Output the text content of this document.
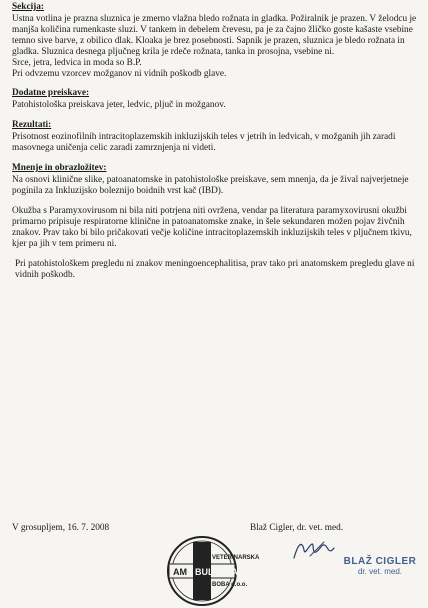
Sekcija:

Ustna votlina je prazna sluznica je zmerno vlažna bledo rožnata in gladka. Požiralnik je prazen. V želodcu je manjša količina rumenkaste sluzi. V tankem in debelem črevesu, pa je za čajno žličko goste kašaste vsebine temno sive barve, z obilico dlak. Kloaka je brez posebnosti. Sapnik je prazen, sluznica je bledo rožnata in gladka. Sluznica desnega pljučneg krila je rdeče rožnata, tanka in prosojna, vsebine ni.

Srce, jetra, ledvica in moda so B.P.

Pri odvzemu vzorcev možganov ni vidnih poškodb glave.

Dodatne preiskave:

Patohistološka preiskava jeter, ledvic, pljuč in možganov.

Rezultati:

Prisotnost eozinofilnih intracitoplazemskih inkluzijskih teles v jetrih in ledvicah, v možganih jih zaradi masovnega uničenja celic zaradi zamrznjenja ni videti.

Mnenje in obrazložitev:

Na osnovi klinične slike, patoanatomske in patohistološke preiskave, sem mnenja, da je žival najverjetneje poginila za Inkluzijsko boleznijo boidnih vrst kač (IBD).

Okužba s Paramyxovirusom ni bila niti potrjena niti ovržena, vendar pa literatura paramyxovirusni okužbi primarno pripisuje respiratorne klinične in patoanatomske znake, in šele sekundaren možen pojav živčnih znakov. Prav tako bi bilo pričakovati večje količine intracitoplazemskih inkluzijskih teles v pljučnem tkivu, kjer pa jih v tem primeru ni.

Pri patohistološkem pregledu ni znakov meningoencephalitisa, prav tako pri anatomskem pregledu glave ni vidnih poškodb.

V grosupljem, 16. 7. 2008	Blaž Cigler, dr. vet. med.
VETERINARSKA
AM BULANTA
BOBA d.o.o.
BLAŽ CIGLER
dr. vet. med.
